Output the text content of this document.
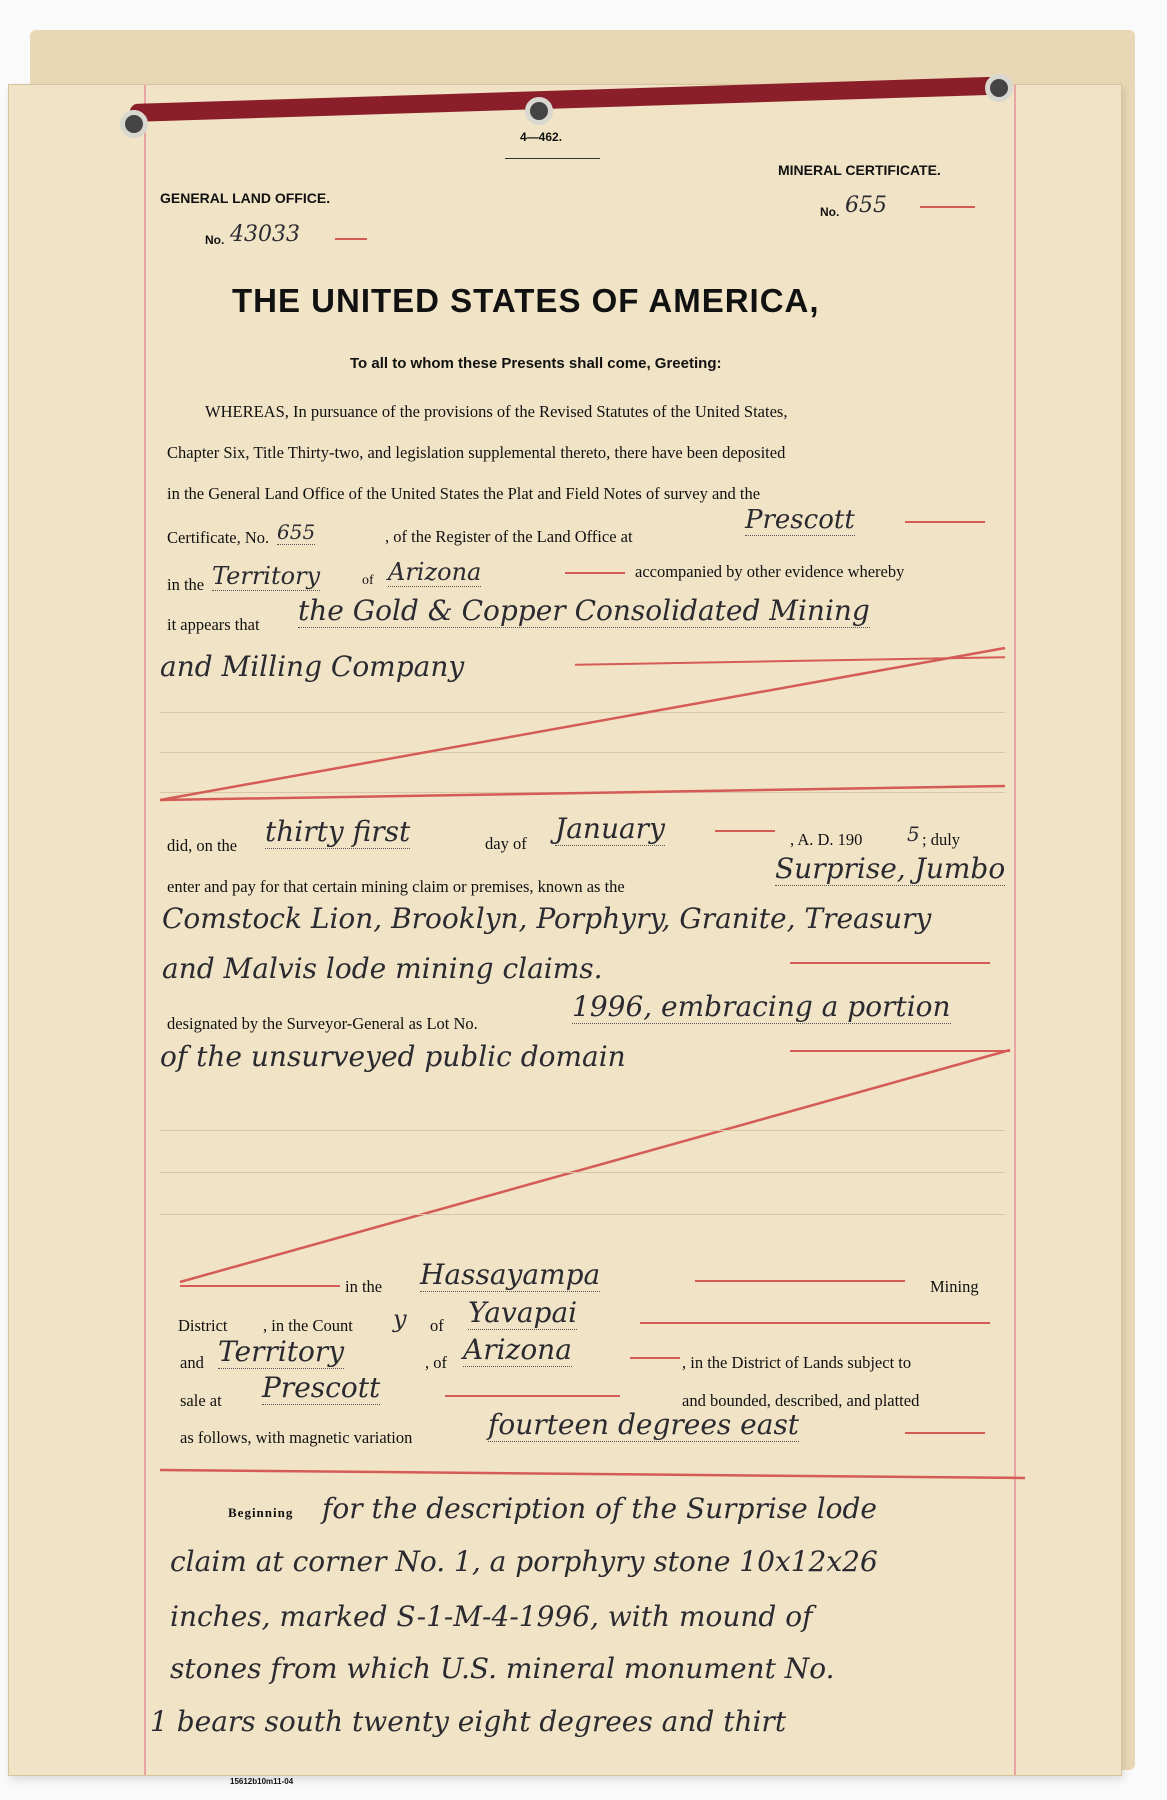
4—462.
GENERAL LAND OFFICE.
No. 43033
MINERAL CERTIFICATE.
No. 655
THE UNITED STATES OF AMERICA,
To all to whom these Presents shall come, Greeting:
WHEREAS, In pursuance of the provisions of the Revised Statutes of the United States,
Chapter Six, Title Thirty-two, and legislation supplemental thereto, there have been deposited
in the General Land Office of the United States the Plat and Field Notes of survey and the
Certificate, No. 655	, of the Register of the Land Office at
Prescott
in the Territory	of Arizona	accompanied by other evidence whereby
it appears that the Gold & Copper Consolidated Mining
and Milling Company
did, on the thirty first	day of January	, A. D. 190 5 ; duly
enter and pay for that certain mining claim or premises, known as the
Surprise, Jumbo
Comstock Lion, Brooklyn, Porphyry, Granite, Treasury
and Malvis lode mining claims.
designated by the Surveyor-General as Lot No.
1996, embracing a portion
of the unsurveyed public domain
in the Hassayampa	Mining
District , in the Count y of Yavapai
and Territory	, of Arizona	, in the District of Lands subject to
sale at Prescott	and bounded, described, and platted
as follows, with magnetic variation	fourteen degrees east
Beginning for the description of the Surprise lode
claim at corner No. 1, a porphyry stone 10x12x26
inches, marked S-1-M-4-1996, with mound of
stones from which U.S. mineral monument No.
1 bears south twenty eight degrees and thirt
15612b10m11-04
